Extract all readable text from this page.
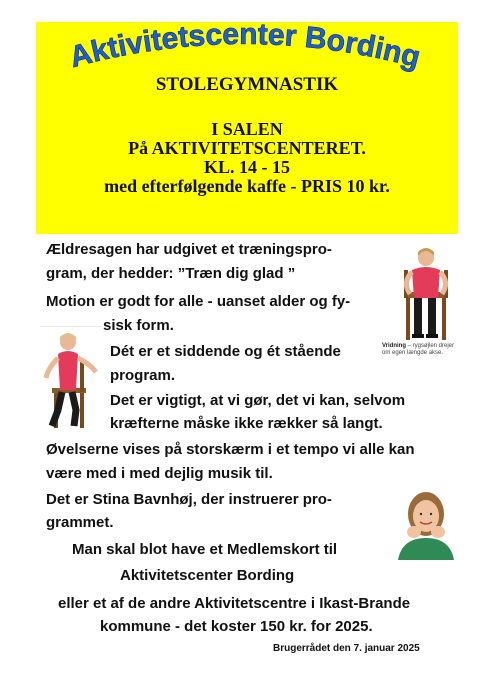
Aktivitetscenter Bording
STOLEGYMNASTIK
I SALEN
På AKTIVITETSCENTERET.
KL. 14 - 15
med efterfølgende kaffe - PRIS 10 kr.
Ældresagen har udgivet et træningspro-
gram, der hedder: ”Træn dig glad ”
Motion er godt for alle - uanset alder og fy-
sisk form.
Dét er et siddende og ét stående
program.
Det er vigtigt, at vi gør, det vi kan, selvom
kræfterne måske ikke rækker så langt.
Øvelserne vises på storskærm i et tempo vi alle kan
være med i med dejlig musik til.
Det er Stina Bavnhøj, der instruerer pro-
grammet.
Man skal blot have et Medlemskort til
Aktivitetscenter Bording
eller et af de andre Aktivitetscentre i Ikast-Brande
kommune - det koster 150 kr. for 2025.
Vridning – rygsøjlen drejer
om egen længde akse.
Brugerrådet den 7. januar 2025
